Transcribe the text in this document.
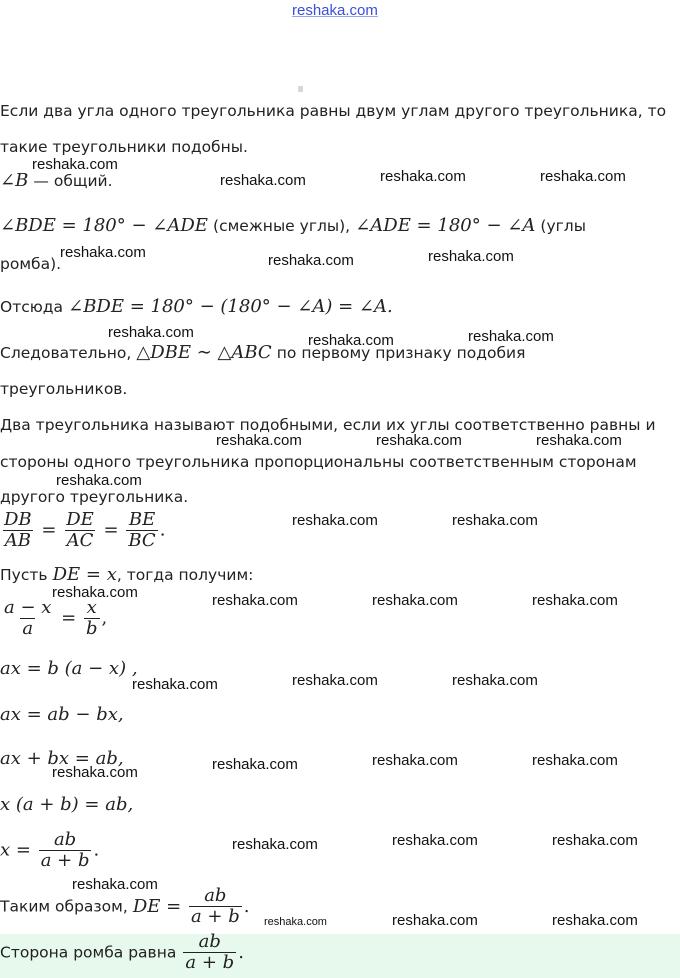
reshaka.com
Если два угла одного треугольника равны двум углам другого треугольника, то
такие треугольники подобны.
∠B — общий.
∠BDE = 180° − ∠ADE (смежные углы), ∠ADE = 180° − ∠A (углы
ромба).
Отсюда ∠BDE = 180° − (180° − ∠A) = ∠A.
Следовательно, △DBE ∼ △ABC по первому признаку подобия
треугольников.
Два треугольника называют подобными, если их углы соответственно равны и
стороны одного треугольника пропорциональны соответственным сторонам
другого треугольника.
$\frac{DB}{AB} = \frac{DE}{AC} = \frac{BE}{BC}$ .
Пусть DE = x, тогда получим:
$\frac{a - x}{a} = \frac{x}{b}$ ,
ax = b (a − x) ,
ax = ab − bx,
ax + bx = ab,
x (a + b) = ab,
$x = \frac{ab}{a + b}$ .
Таким образом, DE = $\frac{ab}{a + b}$ .
Сторона ромба равна $\frac{ab}{a + b}$ .
reshaka.com
reshaka.com	reshaka.com	reshaka.com
reshaka.com	reshaka.com	reshaka.com
reshaka.com	reshaka.com	reshaka.com
reshaka.com	reshaka.com	reshaka.com
reshaka.com
reshaka.com	reshaka.com
reshaka.com	reshaka.com	reshaka.com	reshaka.com
reshaka.com	reshaka.com	reshaka.com
reshaka.com	reshaka.com	reshaka.com	reshaka.com
reshaka.com	reshaka.com	reshaka.com
reshaka.com
reshaka.com	reshaka.com	reshaka.com
